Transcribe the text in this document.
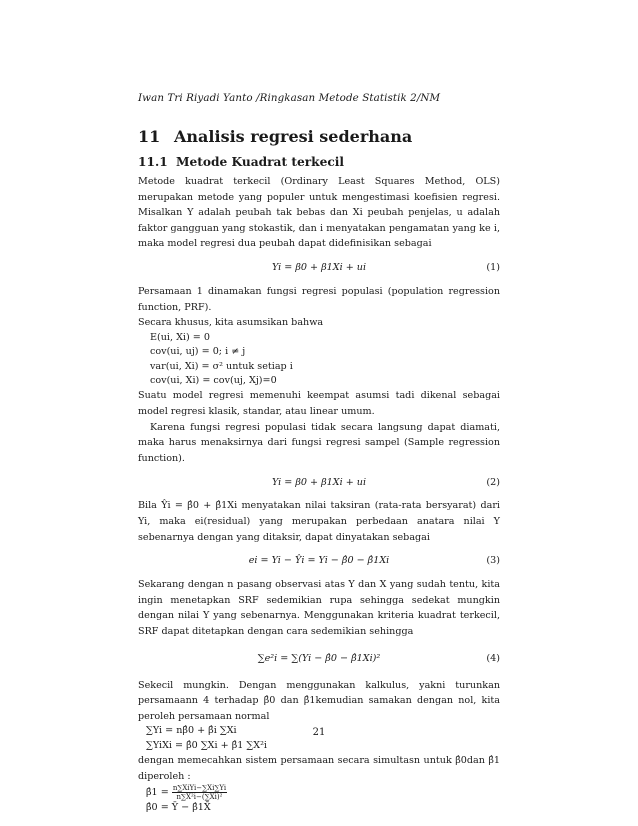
Iwan Tri Riyadi Yanto /Ringkasan Metode Statistik 2/NM
11 Analisis regresi sederhana
11.1 Metode Kuadrat terkecil

Metode kuadrat terkecil (Ordinary Least Squares Method, OLS) merupakan metode yang populer untuk mengestimasi koefisien regresi. Misalkan Y adalah peubah tak bebas dan Xi peubah penjelas, u adalah faktor gangguan yang stokastik, dan i menyatakan pengamatan yang ke i, maka model regresi dua peubah dapat didefinisikan sebagai

Yi = β0 + β1Xi + ui	(1)

Persamaan 1 dinamakan fungsi regresi populasi (population regression function, PRF).

Secara khusus, kita asumsikan bahwa

E(ui, Xi) = 0
cov(ui, uj) = 0; i ≠ j
var(ui, Xi) = σ² untuk setiap i
cov(ui, Xi) = cov(uj, Xj)=0

Suatu model regresi memenuhi keempat asumsi tadi dikenal sebagai model regresi klasik, standar, atau linear umum.

Karena fungsi regresi populasi tidak secara langsung dapat diamati, maka harus menaksirnya dari fungsi regresi sampel (Sample regression function).

Yi = β0 + β1Xi + ui	(2)

Bila Ŷi = β̂0 + β̂1Xi menyatakan nilai taksiran (rata-rata bersyarat) dari Yi, maka ei(residual) yang merupakan perbedaan anatara nilai Y sebenarnya dengan yang ditaksir, dapat dinyatakan sebagai

ei = Yi − Ŷi = Yi − β̂0 − β̂1Xi	(3)

Sekarang dengan n pasang observasi atas Y dan X yang sudah tentu, kita ingin menetapkan SRF sedemikian rupa sehingga sedekat mungkin dengan nilai Y yang sebenarnya. Menggunakan kriteria kuadrat terkecil, SRF dapat ditetapkan dengan cara sedemikian sehingga

∑e²i = ∑(Yi − β̂0 − β̂1Xi)²	(4)

Sekecil mungkin. Dengan menggunakan kalkulus, yakni turunkan persamaann 4 terhadap β̂0 dan β̂1kemudian samakan dengan nol, kita peroleh persamaan normal

∑Yi = nβ̂0 + β̂i ∑Xi
∑YiXi = β̂0 ∑Xi + β̂1 ∑X²i

dengan memecahkan sistem persamaan secara simultasn untuk β̂0dan β̂1 diperoleh :

β̂1 = $\frac{\text{n∑XiYi−∑Xi∑Yi}}{\text{n∑X²i−(∑Xi)²}}$
β̂0 = Ȳ − β̂1X̄
21
